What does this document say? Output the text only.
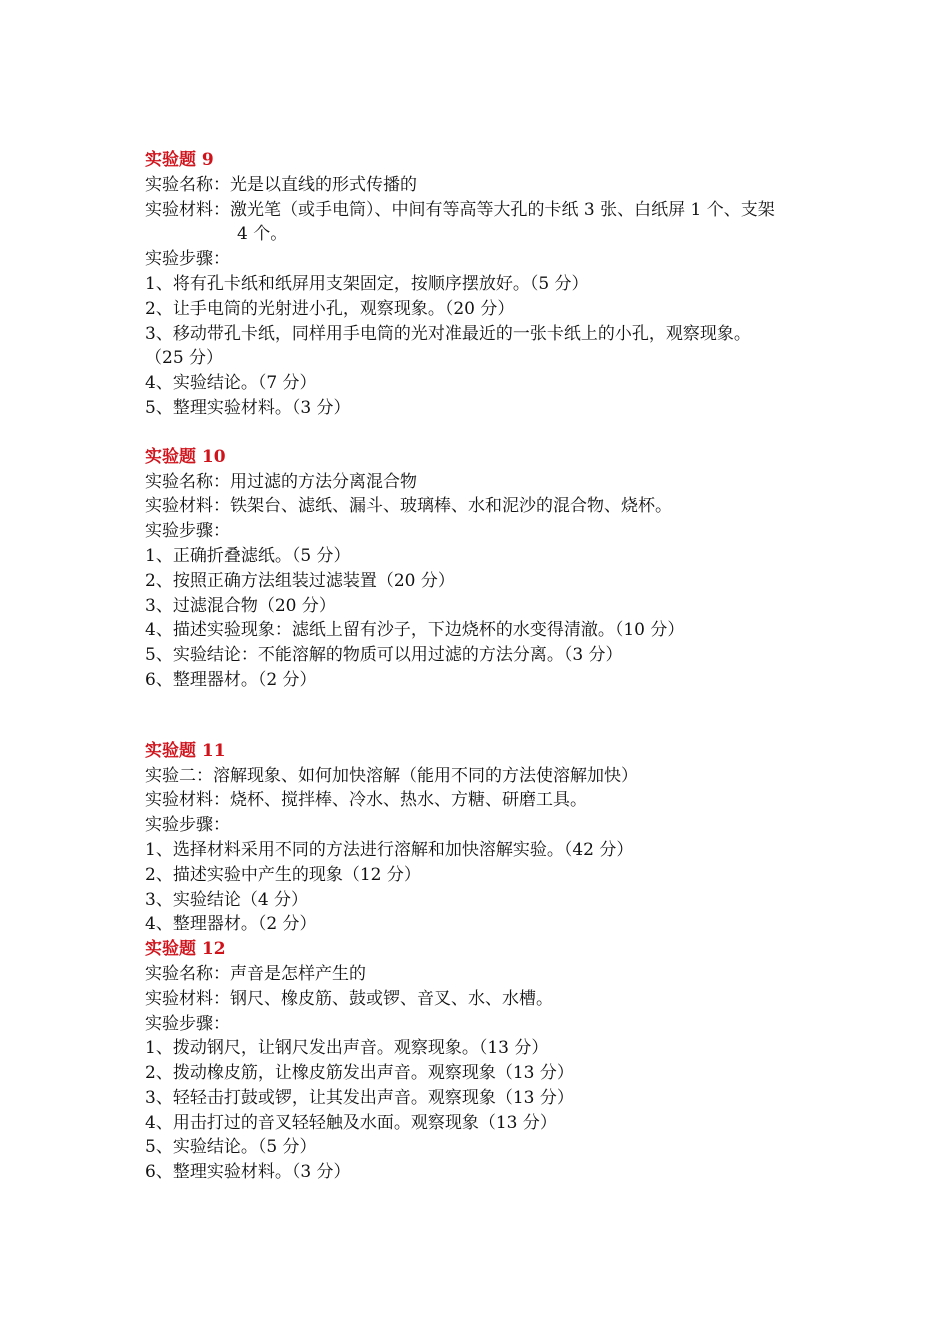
实验题 9
实验名称：光是以直线的形式传播的
实验材料：激光笔（或手电筒）、中间有等高等大孔的卡纸 3 张、白纸屏 1 个、支架
4 个。
实验步骤：
1、将有孔卡纸和纸屏用支架固定，按顺序摆放好。（5 分）
2、让手电筒的光射进小孔，观察现象。（20 分）
3、移动带孔卡纸，同样用手电筒的光对准最近的一张卡纸上的小孔，观察现象。
（25 分）
4、实验结论。（7 分）
5、整理实验材料。（3 分）
实验题 10
实验名称：用过滤的方法分离混合物
实验材料：铁架台、滤纸、漏斗、玻璃棒、水和泥沙的混合物、烧杯。
实验步骤：
1、正确折叠滤纸。（5 分）
2、按照正确方法组装过滤装置（20 分）
3、过滤混合物（20 分）
4、描述实验现象：滤纸上留有沙子，下边烧杯的水变得清澈。（10 分）
5、实验结论：不能溶解的物质可以用过滤的方法分离。（3 分）
6、整理器材。（2 分）
实验题 11
实验二：溶解现象、如何加快溶解（能用不同的方法使溶解加快）
实验材料：烧杯、搅拌棒、冷水、热水、方糖、研磨工具。
实验步骤：
1、选择材料采用不同的方法进行溶解和加快溶解实验。（42 分）
2、描述实验中产生的现象（12 分）
3、实验结论（4 分）
4、整理器材。（2 分）
实验题 12
实验名称：声音是怎样产生的
实验材料：钢尺、橡皮筋、鼓或锣、音叉、水、水槽。
实验步骤：
1、拨动钢尺，让钢尺发出声音。观察现象。（13 分）
2、拨动橡皮筋，让橡皮筋发出声音。观察现象（13 分）
3、轻轻击打鼓或锣，让其发出声音。观察现象（13 分）
4、用击打过的音叉轻轻触及水面。观察现象（13 分）
5、实验结论。（5 分）
6、整理实验材料。（3 分）
